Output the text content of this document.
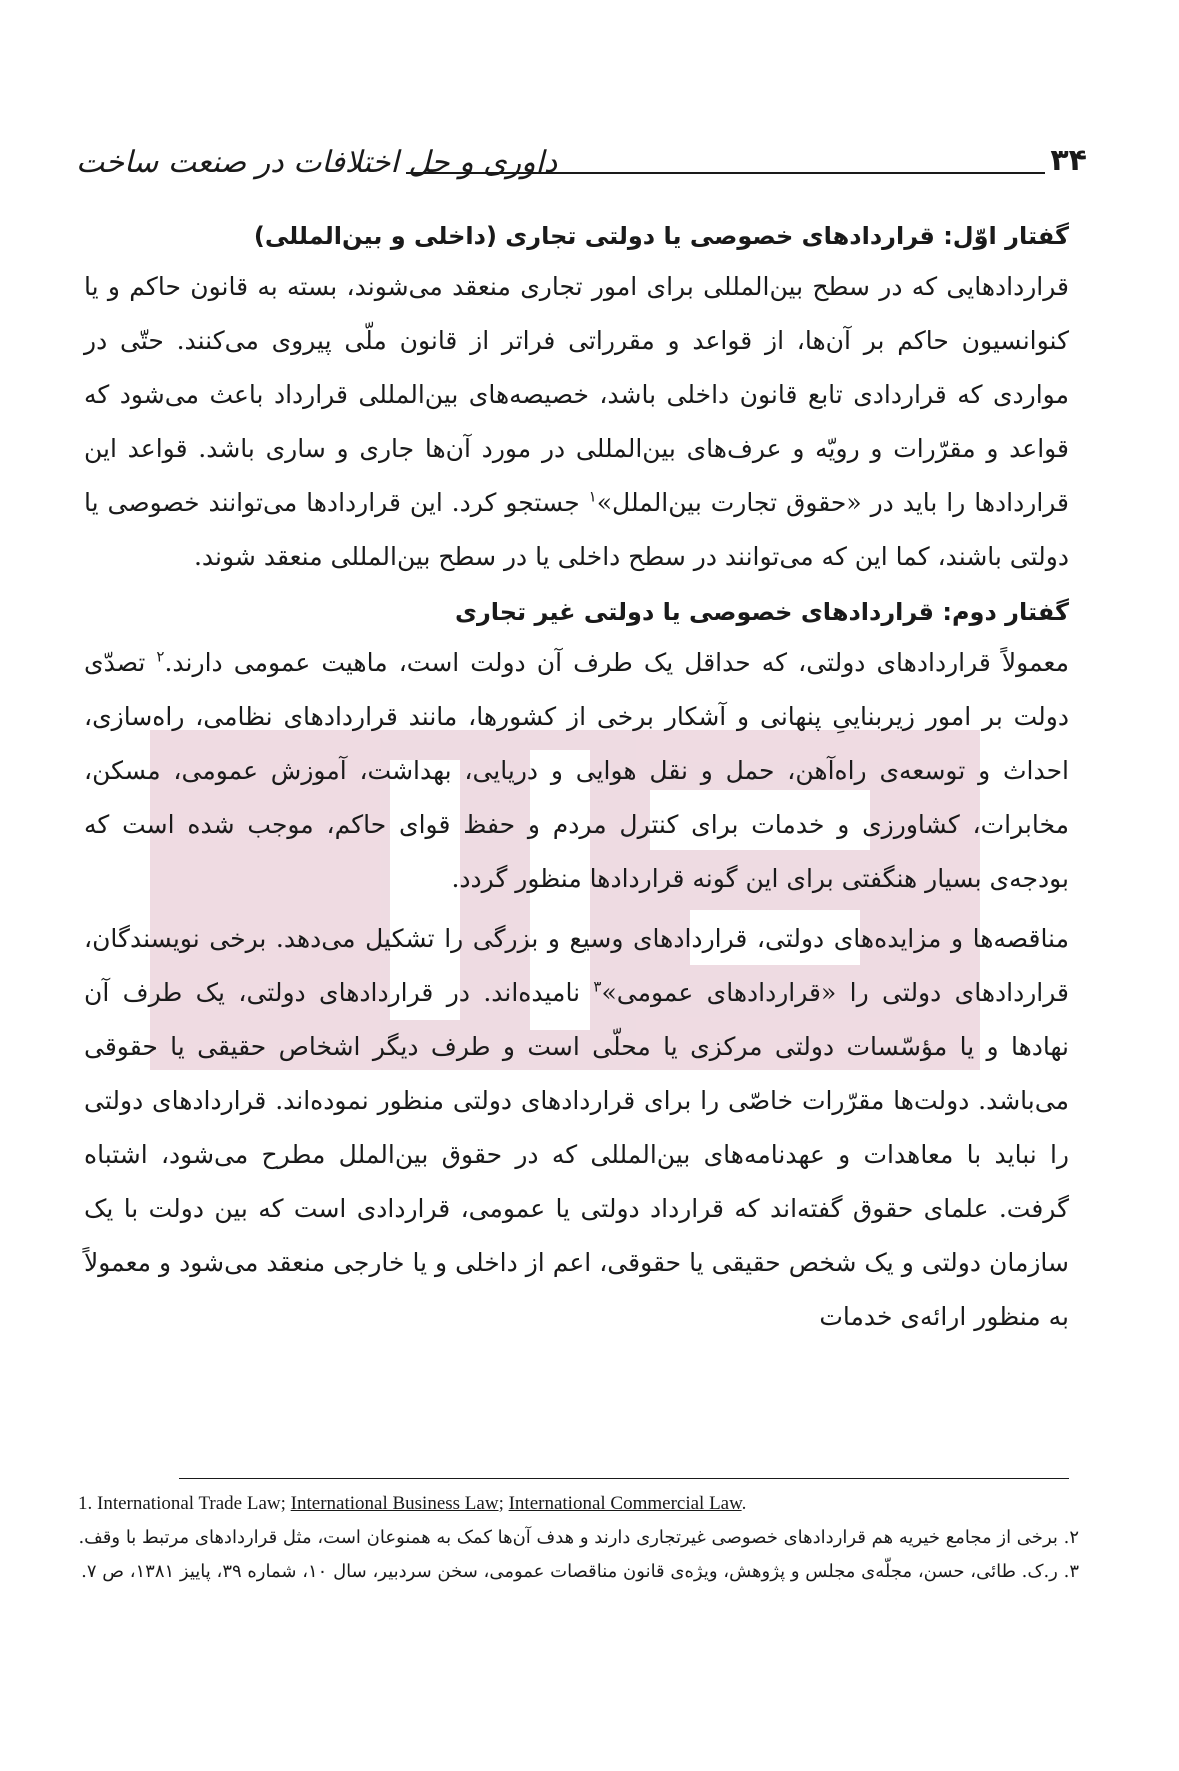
۳۴
داوری و حل اختلافات در صنعت ساخت
گفتار اوّل: قراردادهای خصوصی یا دولتی تجاری (داخلی و بین‌المللی)

قراردادهایی که در سطح بین‌المللی برای امور تجاری منعقد می‌شوند، بسته به قانون حاکم و یا کنوانسیون حاکم بر آن‌ها، از قواعد و مقرراتی فراتر از قانون ملّی پیروی می‌کنند. حتّی در مواردی که قراردادی تابع قانون داخلی باشد، خصیصه‌های بین‌المللی قرارداد باعث می‌شود که قواعد و مقرّرات و رویّه و عرف‌های بین‌المللی در مورد آن‌ها جاری و ساری باشد. قواعد این قراردادها را باید در «حقوق تجارت بین‌الملل»$^۱$ جستجو کرد. این قراردادها می‌توانند خصوصی یا دولتی باشند، کما این که می‌توانند در سطح داخلی یا در سطح بین‌المللی منعقد شوند.

گفتار دوم: قراردادهای خصوصی یا دولتی غیر تجاری

معمولاً قراردادهای دولتی، که حداقل یک طرف آن دولت است، ماهیت عمومی دارند.$^۲$ تصدّی دولت بر امور زیربناییِ پنهانی و آشکار برخی از کشورها، مانند قراردادهای نظامی، راه‌سازی، احداث و توسعه‌ی راه‌آهن، حمل و نقل هوایی و دریایی، بهداشت، آموزش عمومی، مسکن، مخابرات، کشاورزی و خدمات برای کنترل مردم و حفظ قوای حاکم، موجب شده است که بودجه‌ی بسیار هنگفتی برای این گونه قراردادها منظور گردد.

مناقصه‌ها و مزایده‌های دولتی، قراردادهای وسیع و بزرگی را تشکیل می‌دهد. برخی نویسندگان، قراردادهای دولتی را «قراردادهای عمومی»$^۳$ نامیده‌اند. در قراردادهای دولتی، یک طرف آن نهادها و یا مؤسّسات دولتی مرکزی یا محلّی است و طرف دیگر اشخاص حقیقی یا حقوقی می‌باشد. دولت‌ها مقرّرات خاصّی را برای قراردادهای دولتی منظور نموده‌اند. قراردادهای دولتی را نباید با معاهدات و عهدنامه‌های بین‌المللی که در حقوق بین‌الملل مطرح می‌شود، اشتباه گرفت. علمای حقوق گفته‌اند که قرارداد دولتی یا عمومی، قراردادی است که بین دولت با یک سازمان دولتی و یک شخص حقیقی یا حقوقی، اعم از داخلی و یا خارجی منعقد می‌شود و معمولاً به منظور ارائه‌ی خدمات

1. International Trade Law; International Business Law; International Commercial Law.
۲. برخی از مجامع خیریه هم قراردادهای خصوصی غیرتجاری دارند و هدف آن‌ها کمک به همنوعان است، مثل قراردادهای مرتبط با وقف.
۳. ر.ک. طائی، حسن، مجلّه‌ی مجلس و پژوهش، ویژه‌ی قانون مناقصات عمومی، سخن سردبیر، سال ۱۰، شماره ۳۹، پاییز ۱۳۸۱، ص ۷.
